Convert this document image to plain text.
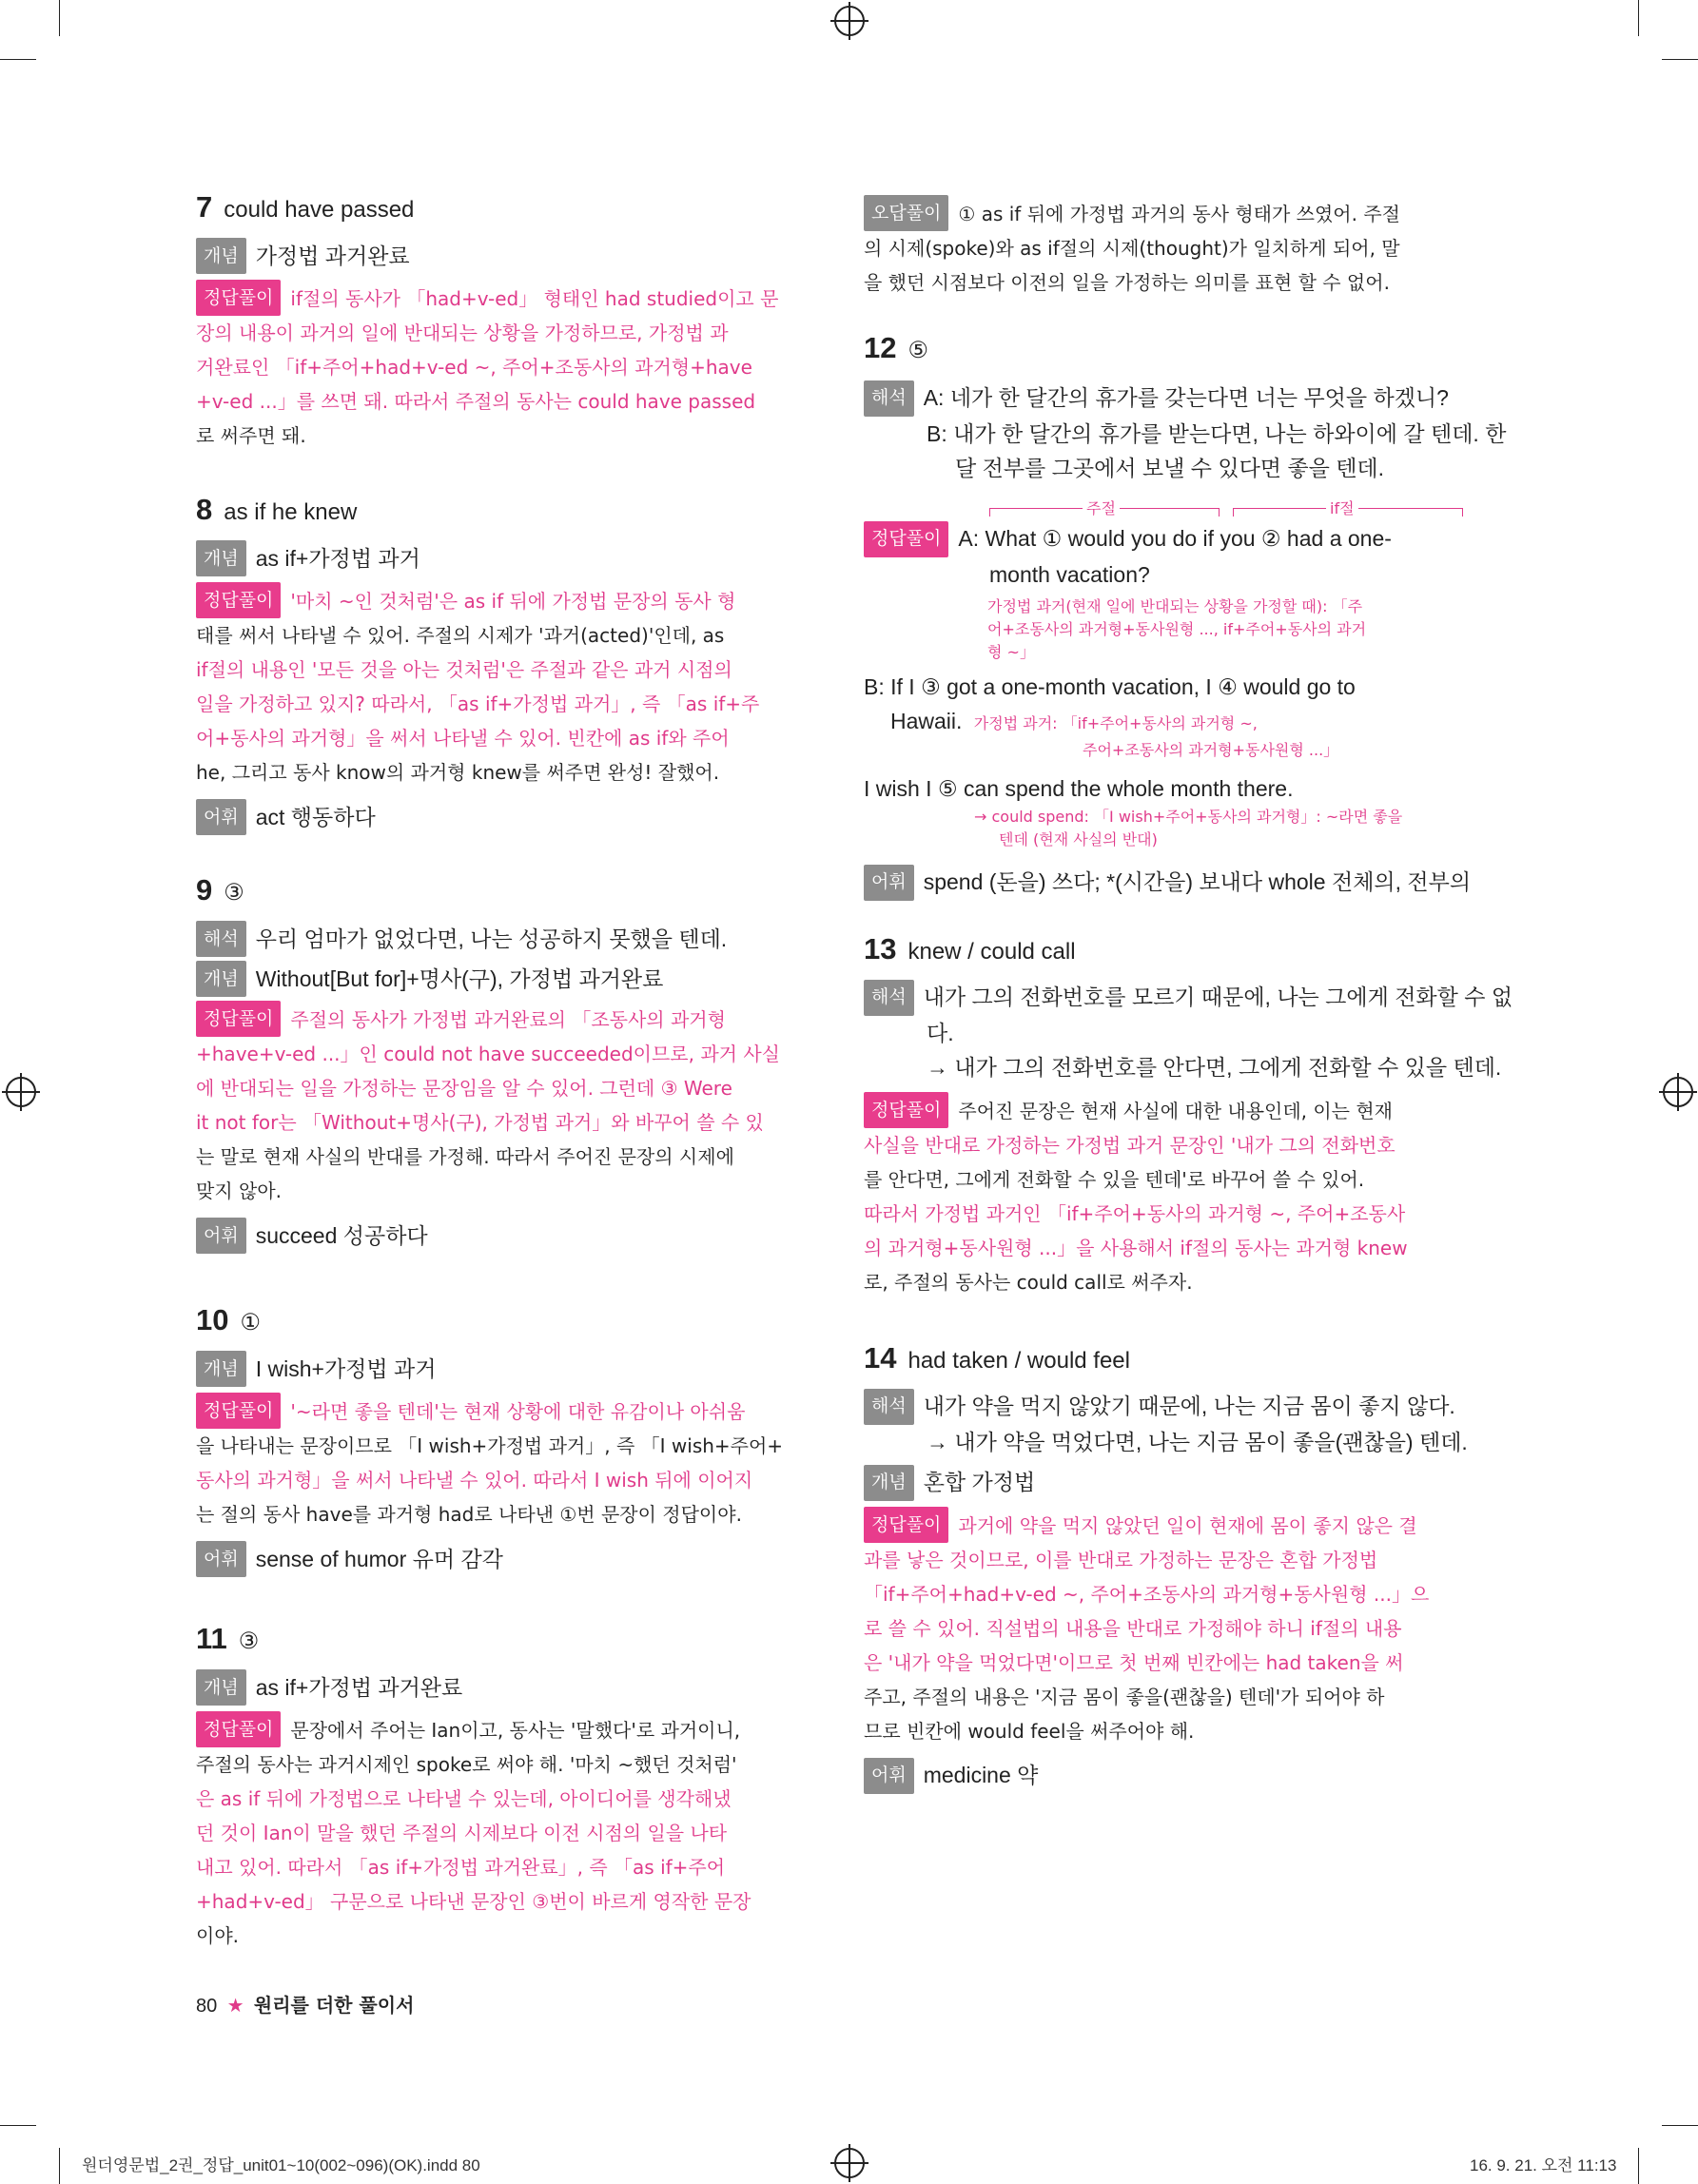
7 could have passed
개념 가정법 과거완료
정답풀이 if절의 동사가 「had+v-ed」 형태인 had studied이고 문
장의 내용이 과거의 일에 반대되는 상황을 가정하므로, 가정법 과
거완료인 「if+주어+had+v-ed ~, 주어+조동사의 과거형+have
+v-ed ...」를 쓰면 돼. 따라서 주절의 동사는 could have passed
로 써주면 돼.
8 as if he knew
개념 as if+가정법 과거
정답풀이 '마치 ~인 것처럼'은 as if 뒤에 가정법 문장의 동사 형
태를 써서 나타낼 수 있어. 주절의 시제가 '과거(acted)'인데, as
if절의 내용인 '모든 것을 아는 것처럼'은 주절과 같은 과거 시점의
일을 가정하고 있지? 따라서, 「as if+가정법 과거」, 즉 「as if+주
어+동사의 과거형」을 써서 나타낼 수 있어. 빈칸에 as if와 주어
he, 그리고 동사 know의 과거형 knew를 써주면 완성! 잘했어.
어휘 act 행동하다
9 ③
해석 우리 엄마가 없었다면, 나는 성공하지 못했을 텐데.
개념 Without[But for]+명사(구), 가정법 과거완료
정답풀이 주절의 동사가 가정법 과거완료의 「조동사의 과거형
+have+v-ed ...」인 could not have succeeded이므로, 과거 사실
에 반대되는 일을 가정하는 문장임을 알 수 있어. 그런데 ③ Were
it not for는 「Without+명사(구), 가정법 과거」와 바꾸어 쓸 수 있
는 말로 현재 사실의 반대를 가정해. 따라서 주어진 문장의 시제에
맞지 않아.
어휘 succeed 성공하다
10 ①
개념 I wish+가정법 과거
정답풀이 '~라면 좋을 텐데'는 현재 상황에 대한 유감이나 아쉬움
을 나타내는 문장이므로 「I wish+가정법 과거」, 즉 「I wish+주어+
동사의 과거형」을 써서 나타낼 수 있어. 따라서 I wish 뒤에 이어지
는 절의 동사 have를 과거형 had로 나타낸 ①번 문장이 정답이야.
어휘 sense of humor 유머 감각
11 ③
개념 as if+가정법 과거완료
정답풀이 문장에서 주어는 Ian이고, 동사는 '말했다'로 과거이니,
주절의 동사는 과거시제인 spoke로 써야 해. '마치 ~했던 것처럼'
은 as if 뒤에 가정법으로 나타낼 수 있는데, 아이디어를 생각해냈
던 것이 Ian이 말을 했던 주절의 시제보다 이전 시점의 일을 나타
내고 있어. 따라서 「as if+가정법 과거완료」, 즉 「as if+주어
+had+v-ed」 구문으로 나타낸 문장인 ③번이 바르게 영작한 문장
이야.
80 ★ 원리를 더한 풀이서
오답풀이 ① as if 뒤에 가정법 과거의 동사 형태가 쓰였어. 주절
의 시제(spoke)와 as if절의 시제(thought)가 일치하게 되어, 말
을 했던 시점보다 이전의 일을 가정하는 의미를 표현 할 수 없어.
12 ⑤
해석 A: 네가 한 달간의 휴가를 갖는다면 너는 무엇을 하겠니?
B: 내가 한 달간의 휴가를 받는다면, 나는 하와이에 갈 텐데. 한
달 전부를 그곳에서 보낼 수 있다면 좋을 텐데.
주절	if절
정답풀이 A: What ① would you do if you ② had a one-
month vacation?
가정법 과거(현재 일에 반대되는 상황을 가정할 때): 「주
어+조동사의 과거형+동사원형 ..., if+주어+동사의 과거
형 ~」
B: If I ③ got a one-month vacation, I ④ would go to
Hawaii. 가정법 과거: 「if+주어+동사의 과거형 ~,
주어+조동사의 과거형+동사원형 ...」
I wish I ⑤ can spend the whole month there.
→ could spend: 「I wish+주어+동사의 과거형」: ~라면 좋을
텐데 (현재 사실의 반대)
어휘 spend (돈을) 쓰다; *(시간을) 보내다 whole 전체의, 전부의
13 knew / could call
해석 내가 그의 전화번호를 모르기 때문에, 나는 그에게 전화할 수 없
다.
→ 내가 그의 전화번호를 안다면, 그에게 전화할 수 있을 텐데.
정답풀이 주어진 문장은 현재 사실에 대한 내용인데, 이는 현재
사실을 반대로 가정하는 가정법 과거 문장인 '내가 그의 전화번호
를 안다면, 그에게 전화할 수 있을 텐데'로 바꾸어 쓸 수 있어.
따라서 가정법 과거인 「if+주어+동사의 과거형 ~, 주어+조동사
의 과거형+동사원형 ...」을 사용해서 if절의 동사는 과거형 knew
로, 주절의 동사는 could call로 써주자.
14 had taken / would feel
해석 내가 약을 먹지 않았기 때문에, 나는 지금 몸이 좋지 않다.
→ 내가 약을 먹었다면, 나는 지금 몸이 좋을(괜찮을) 텐데.
개념 혼합 가정법
정답풀이 과거에 약을 먹지 않았던 일이 현재에 몸이 좋지 않은 결
과를 낳은 것이므로, 이를 반대로 가정하는 문장은 혼합 가정법
「if+주어+had+v-ed ~, 주어+조동사의 과거형+동사원형 ...」으
로 쓸 수 있어. 직설법의 내용을 반대로 가정해야 하니 if절의 내용
은 '내가 약을 먹었다면'이므로 첫 번째 빈칸에는 had taken을 써
주고, 주절의 내용은 '지금 몸이 좋을(괜찮을) 텐데'가 되어야 하
므로 빈칸에 would feel을 써주어야 해.
어휘 medicine 약
원더영문법_2권_정답_unit01~10(002~096)(OK).indd 80	16. 9. 21. 오전 11:13
